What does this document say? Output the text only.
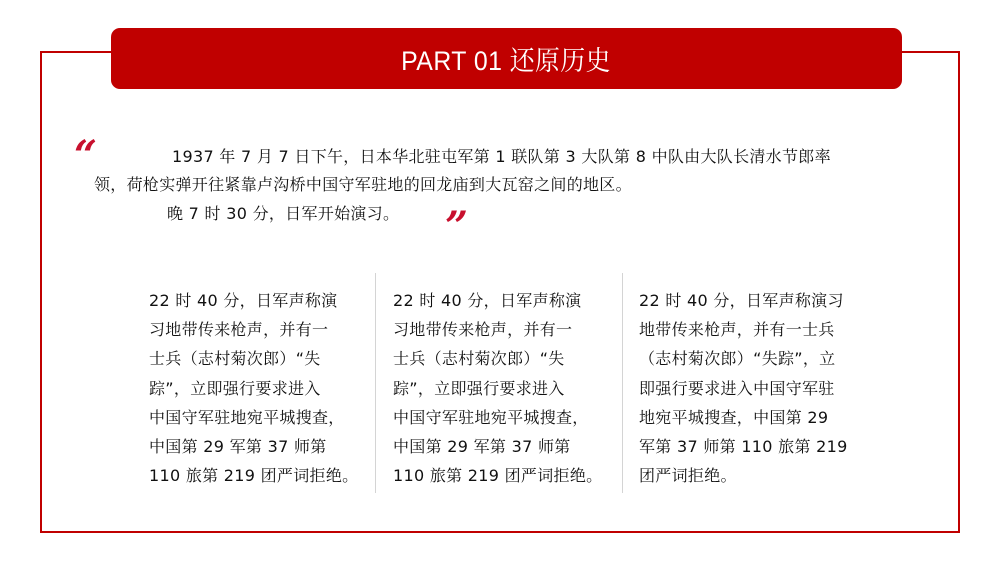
PART 01 还原历史
“	1937 年 7 月 7 日下午，日本华北驻屯军第 1 联队第 3 大队第 8 中队由大队长清水节郎率
领，荷枪实弹开往紧靠卢沟桥中国守军驻地的回龙庙到大瓦窑之间的地区。
晚 7 时 30 分，日军开始演习。 ”
22 时 40 分，日军声称演
习地带传来枪声，并有一
士兵（志村菊次郎）“失
踪”，立即强行要求进入
中国守军驻地宛平城搜查，
中国第 29 军第 37 师第
110 旅第 219 团严词拒绝。
22 时 40 分，日军声称演
习地带传来枪声，并有一
士兵（志村菊次郎）“失
踪”，立即强行要求进入
中国守军驻地宛平城搜查，
中国第 29 军第 37 师第
110 旅第 219 团严词拒绝。
22 时 40 分，日军声称演习
地带传来枪声，并有一士兵
（志村菊次郎）“失踪”，立
即强行要求进入中国守军驻
地宛平城搜查，中国第 29
军第 37 师第 110 旅第 219
团严词拒绝。
